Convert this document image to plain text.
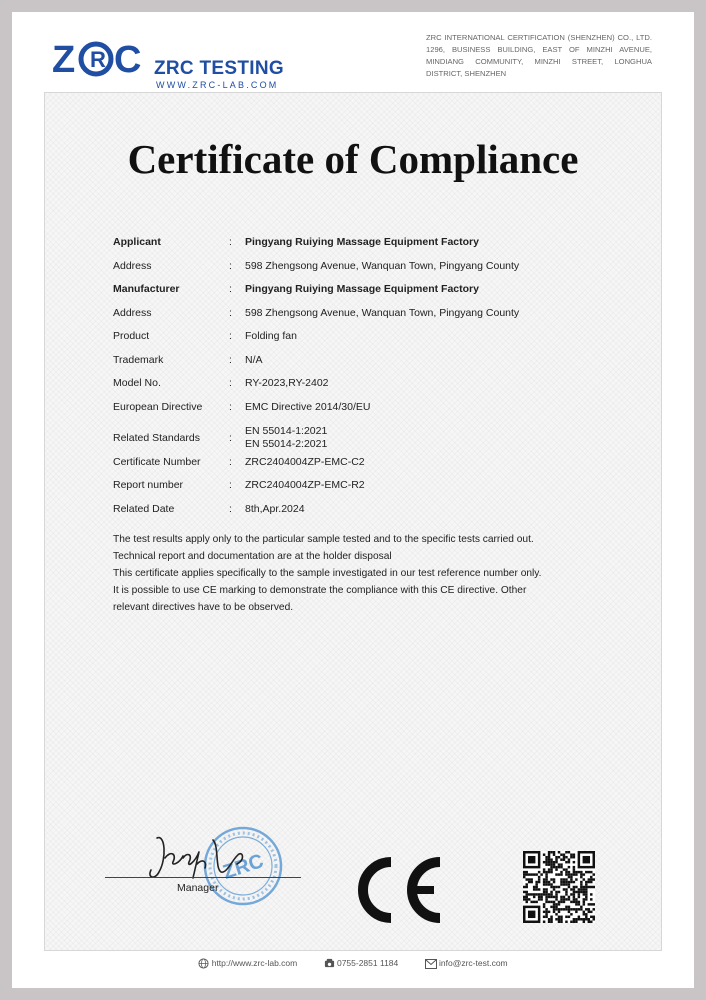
Z R C ZRC TESTING
WWW.ZRC-LAB.COM
ZRC INTERNATIONAL CERTIFICATION (SHENZHEN) CO., LTD. 1296, BUSINESS BUILDING, EAST OF MINZHI AVENUE, MINDIANG COMMUNITY, MINZHI STREET, LONGHUA DISTRICT, SHENZHEN
Certificate of Compliance
Applicant	:	Pingyang Ruiying Massage Equipment Factory
Address	:	598 Zhengsong Avenue, Wanquan Town, Pingyang County
Manufacturer	:	Pingyang Ruiying Massage Equipment Factory
Address	:	598 Zhengsong Avenue, Wanquan Town, Pingyang County
Product	:	Folding fan
Trademark	:	N/A
Model No.	:	RY-2023,RY-2402
European Directive	:	EMC Directive 2014/30/EU
Related Standards	:
EN 55014-1:2021
EN 55014-2:2021
Certificate Number	:	ZRC2404004ZP-EMC-C2
Report number	:	ZRC2404004ZP-EMC-R2
Related Date	:	8th,Apr.2024

The test results apply only to the particular sample tested and to the specific tests carried out.

Technical report and documentation are at the holder disposal

This certificate applies specifically to the sample investigated in our test reference number only.

It is possible to use CE marking to demonstrate the compliance with this CE directive. Other

relevant directives have to be observed.

ZRC
Manager
http://www.zrc-lab.com	0755-2851 1184	info@zrc-test.com
